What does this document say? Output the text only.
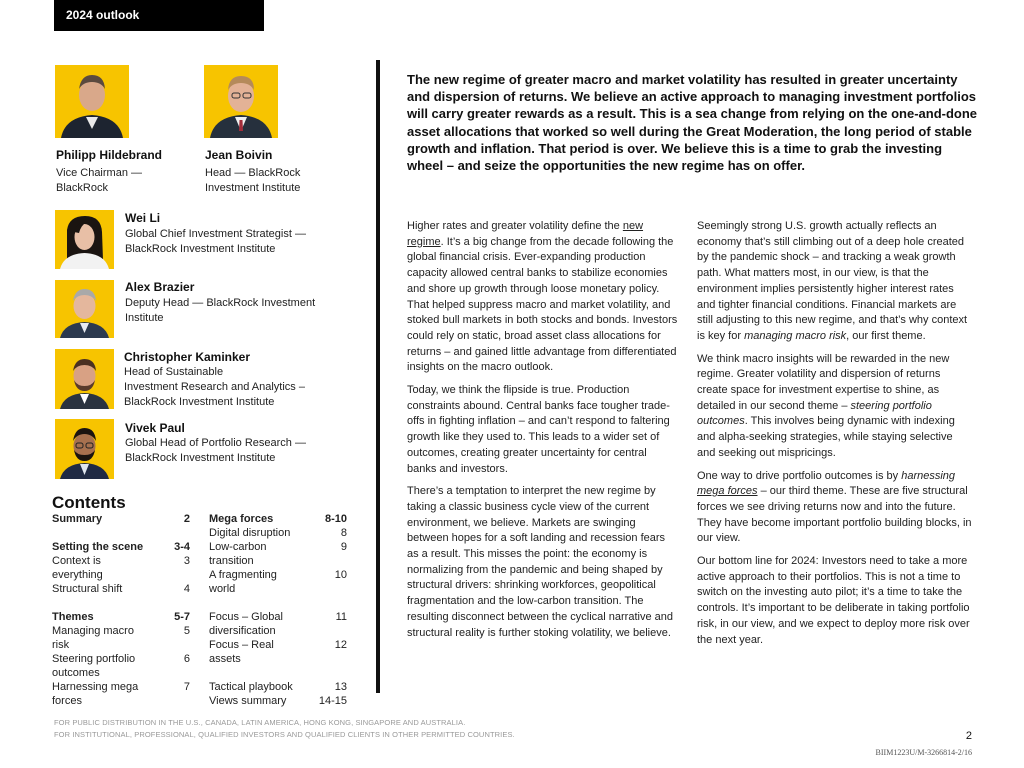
2024 outlook
Philipp Hildebrand
Vice Chairman —
BlackRock
Jean Boivin
Head — BlackRock
Investment Institute
Wei Li
Global Chief Investment Strategist —
BlackRock Investment Institute
Alex Brazier
Deputy Head — BlackRock Investment
Institute
Christopher Kaminker
Head of Sustainable
Investment Research and Analytics –
BlackRock Investment Institute
Vivek Paul
Global Head of Portfolio Research —
BlackRock Investment Institute
Contents
Summary	2
Setting the scene	3-4
Context is	3
everything
Structural shift	4
Themes	5-7
Managing macro	5
risk
Steering portfolio	6
outcomes
Harnessing mega	7
forces
Mega forces	8-10
Digital disruption	8
Low-carbon	9
transition
A fragmenting	10
world
Focus – Global	11
diversification
Focus – Real	12
assets
Tactical playbook	13
Views summary	14-15
The new regime of greater macro and market volatility has resulted in greater uncertainty and dispersion of returns. We believe an active approach to managing investment portfolios will carry greater rewards as a result. This is a sea change from relying on the one-and-done asset allocations that worked so well during the Great Moderation, the long period of stable growth and inflation. That period is over. We believe this is a time to grab the investing wheel – and seize the opportunities the new regime has on offer.

Higher rates and greater volatility define the new regime. It’s a big change from the decade following the global financial crisis. Ever-expanding production capacity allowed central banks to stabilize economies and shore up growth through loose monetary policy. That helped suppress macro and market volatility, and stoked bull markets in both stocks and bonds. Investors could rely on static, broad asset class allocations for returns – and gained little advantage from differentiated insights on the macro outlook.

Today, we think the flipside is true. Production constraints abound. Central banks face tougher trade-offs in fighting inflation – and can’t respond to faltering growth like they used to. This leads to a wider set of outcomes, creating greater uncertainty for central banks and investors.

There’s a temptation to interpret the new regime by taking a classic business cycle view of the current environment, we believe. Markets are swinging between hopes for a soft landing and recession fears as a result. This misses the point: the economy is normalizing from the pandemic and being shaped by structural drivers: shrinking workforces, geopolitical fragmentation and the low-carbon transition. The resulting disconnect between the cyclical narrative and structural reality is further stoking volatility, we believe.

Seemingly strong U.S. growth actually reflects an economy that’s still climbing out of a deep hole created by the pandemic shock – and tracking a weak growth path. What matters most, in our view, is that the environment implies persistently higher interest rates and tighter financial conditions. Financial markets are still adjusting to this new regime, and that’s why context is key for managing macro risk, our first theme.

We think macro insights will be rewarded in the new regime. Greater volatility and dispersion of returns create space for investment expertise to shine, as detailed in our second theme – steering portfolio outcomes. This involves being dynamic with indexing and alpha-seeking strategies, while staying selective and seeking out mispricings.

One way to drive portfolio outcomes is by harnessing mega forces – our third theme. These are five structural forces we see driving returns now and into the future. They have become important portfolio building blocks, in our view.

Our bottom line for 2024: Investors need to take a more active approach to their portfolios. This is not a time to switch on the investing auto pilot; it’s a time to take the controls. It’s important to be deliberate in taking portfolio risk, in our view, and we expect to deploy more risk over the next year.

FOR PUBLIC DISTRIBUTION IN THE U.S., CANADA, LATIN AMERICA, HONG KONG, SINGAPORE AND AUSTRALIA.
FOR INSTITUTIONAL, PROFESSIONAL, QUALIFIED INVESTORS AND QUALIFIED CLIENTS IN OTHER PERMITTED COUNTRIES.	2
BIIM1223U/M-3266814-2/16
